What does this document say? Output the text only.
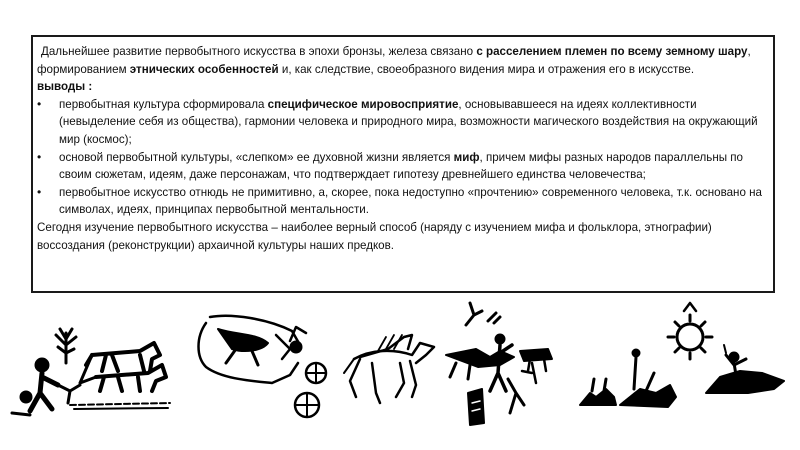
Дальнейшее развитие первобытного искусства в эпохи бронзы, железа связано с расселением племен по всему земному шару, формированием этнических особенностей и, как следствие, своеобразного видения мира и отражения его в искусстве.

выводы :

• первобытная культура сформировала специфическое мировосприятие, основывавшееся на идеях коллективности (невыделение себя из общества), гармонии человека и природного мира, возможности магического воздействия на окружающий мир (космос);
• основой первобытной культуры, «слепком» ее духовной жизни является миф, причем мифы разных народов параллельны по своим сюжетам, идеям, даже персонажам, что подтверждает гипотезу древнейшего единства человечества;
• первобытное искусство отнюдь не примитивно, а, скорее, пока недоступно «прочтению» современного человека, т.к. основано на символах, идеях, принципах первобытной ментальности.

Сегодня изучение первобытного искусства – наиболее верный способ (наряду с изучением мифа и фольклора, этнографии) воссоздания (реконструкции) архаичной культуры наших предков.
